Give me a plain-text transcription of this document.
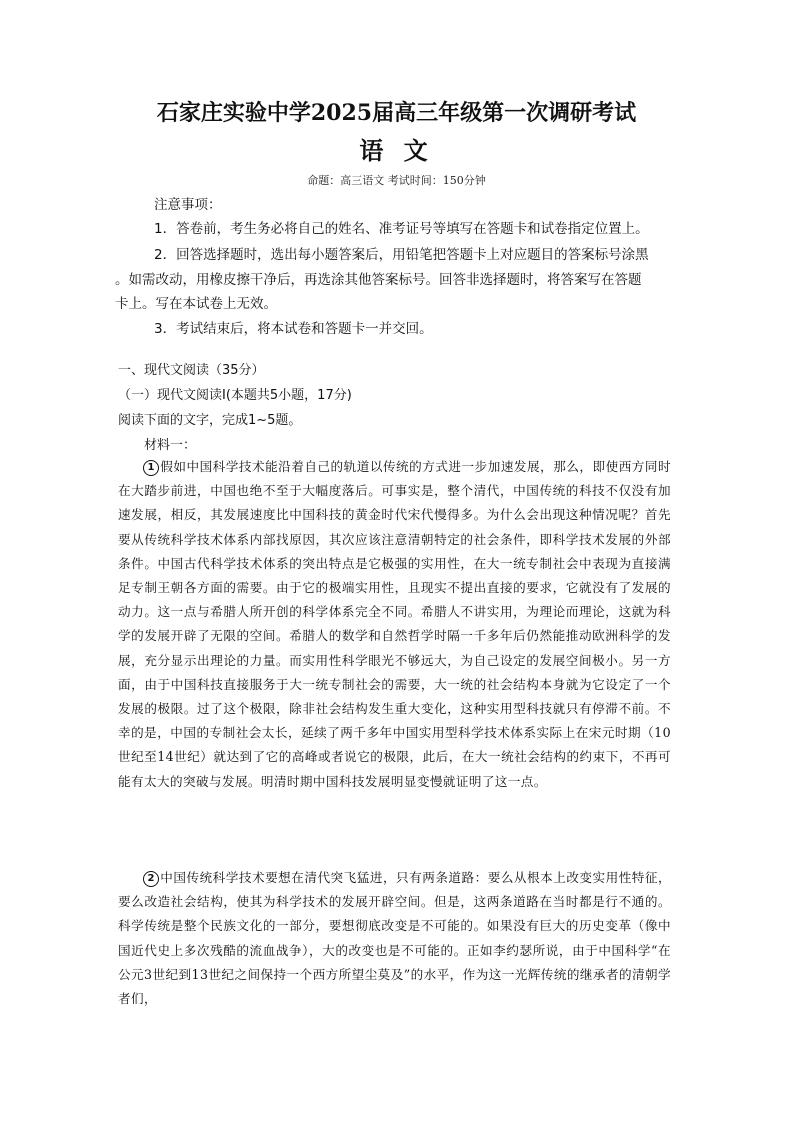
石家庄实验中学2025届高三年级第一次调研考试
语 文
命题：高三语文 考试时间：150分钟
注意事项：
1．答卷前，考生务必将自己的姓名、准考证号等填写在答题卡和试卷指定位置上。
2．回答选择题时，选出每小题答案后，用铅笔把答题卡上对应题目的答案标号涂黑
。如需改动，用橡皮擦干净后，再选涂其他答案标号。回答非选择题时，将答案写在答题
卡上。写在本试卷上无效。
3．考试结束后，将本试卷和答题卡一并交回。
一、现代文阅读（35分）
（一）现代文阅读Ⅰ(本题共5小题，17分)
阅读下面的文字，完成1~5题。
材料一：

1 假如中国科学技术能沿着自己的轨道以传统的方式进一步加速发展，那么，即使西方同时在大踏步前进，中国也绝不至于大幅度落后。可事实是，整个清代，中国传统的科技不仅没有加速发展，相反，其发展速度比中国科技的黄金时代宋代慢得多。为什么会出现这种情况呢？首先要从传统科学技术体系内部找原因，其次应该注意清朝特定的社会条件，即科学技术发展的外部条件。中国古代科学技术体系的突出特点是它极强的实用性，在大一统专制社会中表现为直接满足专制王朝各方面的需要。由于它的极端实用性，且现实不提出直接的要求，它就没有了发展的动力。这一点与希腊人所开创的科学体系完全不同。希腊人不讲实用，为理论而理论，这就为科学的发展开辟了无限的空间。希腊人的数学和自然哲学时隔一千多年后仍然能推动欧洲科学的发展，充分显示出理论的力量。而实用性科学眼光不够远大，为自己设定的发展空间极小。另一方面，由于中国科技直接服务于大一统专制社会的需要，大一统的社会结构本身就为它设定了一个发展的极限。过了这个极限，除非社会结构发生重大变化，这种实用型科技就只有停滞不前。不幸的是，中国的专制社会太长，延续了两千多年中国实用型科学技术体系实际上在宋元时期（10世纪至14世纪）就达到了它的高峰或者说它的极限，此后，在大一统社会结构的约束下，不再可能有太大的突破与发展。明清时期中国科技发展明显变慢就证明了这一点。

2 中国传统科学技术要想在清代突飞猛进，只有两条道路：要么从根本上改变实用性特征，要么改造社会结构，使其为科学技术的发展开辟空间。但是，这两条道路在当时都是行不通的。科学传统是整个民族文化的一部分，要想彻底改变是不可能的。如果没有巨大的历史变革（像中国近代史上多次残酷的流血战争），大的改变也是不可能的。正如李约瑟所说，由于中国科学“在公元3世纪到13世纪之间保持一个西方所望尘莫及”的水平，作为这一光辉传统的继承者的清朝学者们，
